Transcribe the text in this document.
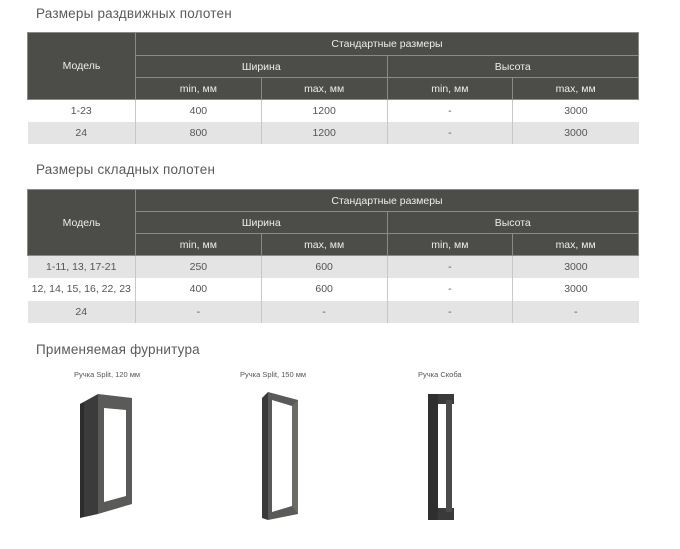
Размеры раздвижных полотен
Модель	Стандартные размеры			
	Ширина		Высота	
	min, мм	max, мм	min, мм	max, мм
1-23	400	1200	-	3000
24	800	1200	-	3000
Размеры складных полотен
Модель	Стандартные размеры			
	Ширина		Высота	
	min, мм	max, мм	min, мм	max, мм
1-11, 13, 17-21	250	600	-	3000
12, 14, 15, 16, 22, 23	400	600	-	3000
24	-	-	-	-
Применяемая фурнитура
Ручка Split, 120 мм	Ручка Split, 150 мм	Ручка Скоба
